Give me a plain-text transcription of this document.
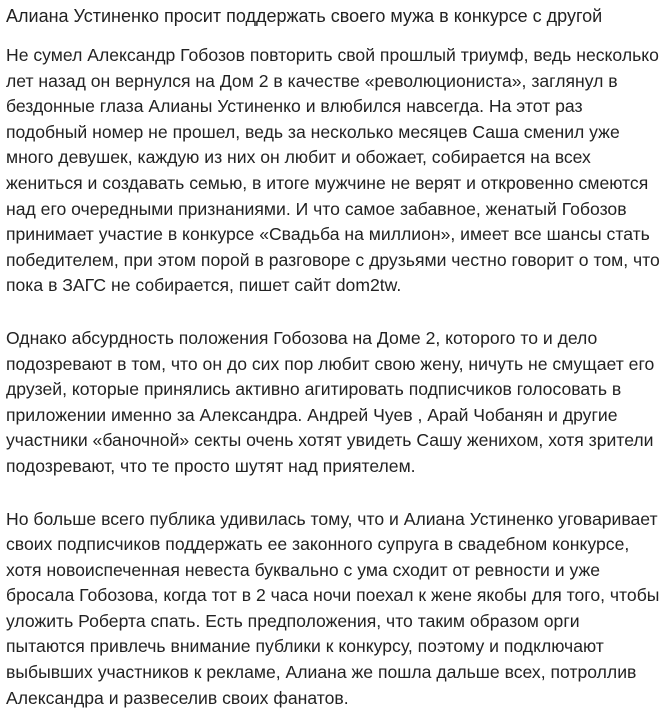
Алиана Устиненко просит поддержать своего мужа в конкурсе с другой

Не сумел Александр Гобозов повторить свой прошлый триумф, ведь несколько лет назад он вернулся на Дом 2 в качестве «революциониста», заглянул в бездонные глаза Алианы Устиненко и влюбился навсегда. На этот раз подобный номер не прошел, ведь за несколько месяцев Саша сменил уже много девушек, каждую из них он любит и обожает, собирается на всех жениться и создавать семью, в итоге мужчине не верят и откровенно смеются над его очередными признаниями. И что самое забавное, женатый Гобозов принимает участие в конкурсе «Свадьба на миллион», имеет все шансы стать победителем, при этом порой в разговоре с друзьями честно говорит о том, что пока в ЗАГС не собирается, пишет сайт dom2tw.

Однако абсурдность положения Гобозова на Доме 2, которого то и дело подозревают в том, что он до сих пор любит свою жену, ничуть не смущает его друзей, которые принялись активно агитировать подписчиков голосовать в приложении именно за Александра. Андрей Чуев , Арай Чобанян и другие участники «баночной» секты очень хотят увидеть Сашу женихом, хотя зрители подозревают, что те просто шутят над приятелем.

Но больше всего публика удивилась тому, что и Алиана Устиненко уговаривает своих подписчиков поддержать ее законного супруга в свадебном конкурсе, хотя новоиспеченная невеста буквально с ума сходит от ревности и уже бросала Гобозова, когда тот в 2 часа ночи поехал к жене якобы для того, чтобы уложить Роберта спать. Есть предположения, что таким образом орги пытаются привлечь внимание публики к конкурсу, поэтому и подключают выбывших участников к рекламе, Алиана же пошла дальше всех, потроллив Александра и развеселив своих фанатов.
